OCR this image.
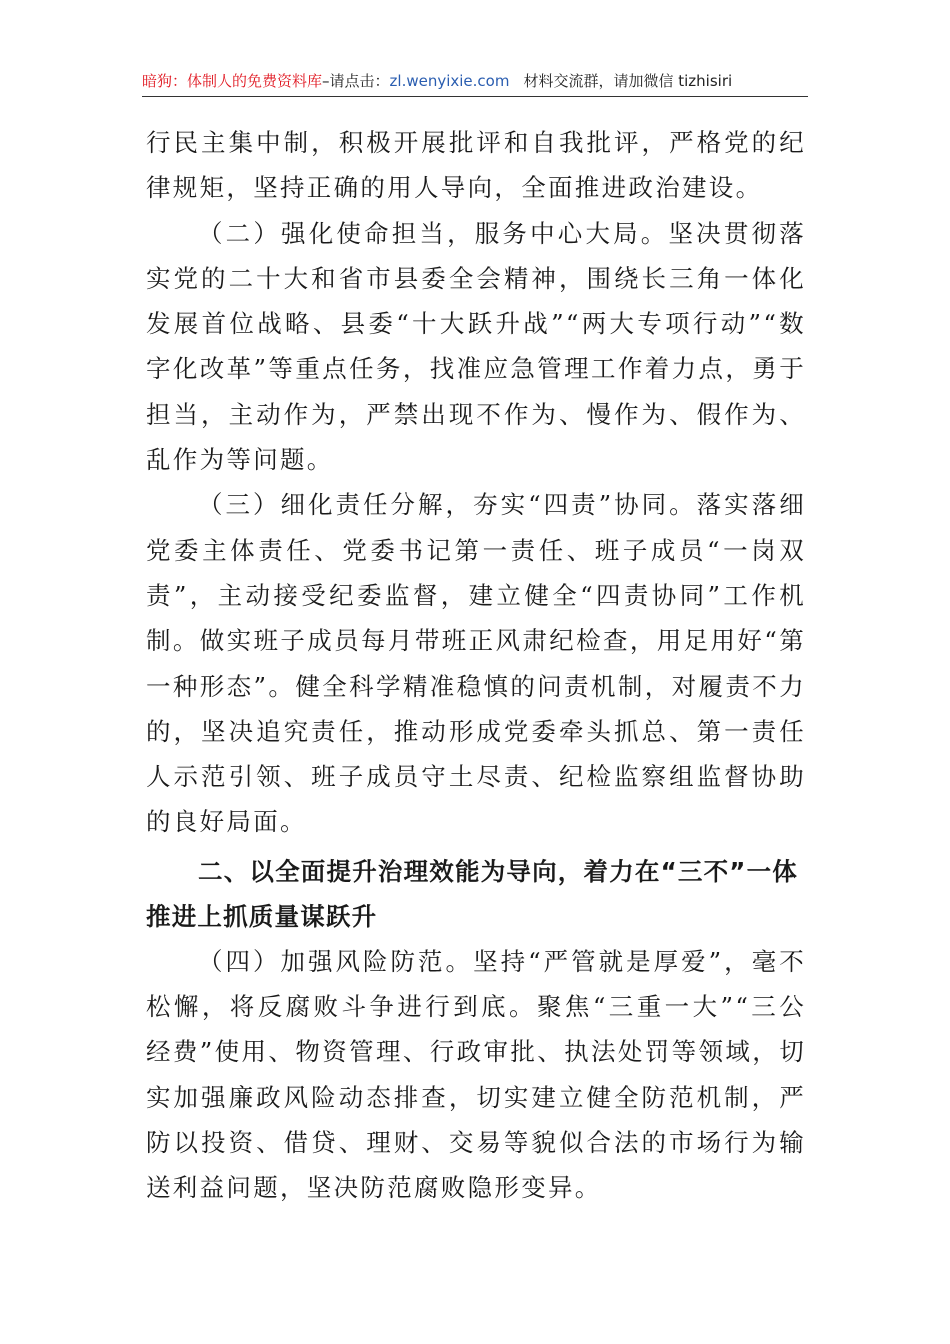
暗狗：体制人的免费资料库–请点击：zl.wenyixie.com 材料交流群，请加微信 tizhisiri

行民主集中制，积极开展批评和自我批评，严格党的纪律规矩，坚持正确的用人导向，全面推进政治建设。

（二）强化使命担当，服务中心大局。坚决贯彻落实党的二十大和省市县委全会精神，围绕长三角一体化发展首位战略、县委“十大跃升战”“两大专项行动”“数字化改革”等重点任务，找准应急管理工作着力点，勇于担当，主动作为，严禁出现不作为、慢作为、假作为、乱作为等问题。

（三）细化责任分解，夯实“四责”协同。落实落细党委主体责任、党委书记第一责任、班子成员“一岗双责”，主动接受纪委监督，建立健全“四责协同”工作机制。做实班子成员每月带班正风肃纪检查，用足用好“第一种形态”。健全科学精准稳慎的问责机制，对履责不力的，坚决追究责任，推动形成党委牵头抓总、第一责任人示范引领、班子成员守土尽责、纪检监察组监督协助的良好局面。

二、以全面提升治理效能为导向，着力在“三不”一体推进上抓质量谋跃升

（四）加强风险防范。坚持“严管就是厚爱”，毫不松懈，将反腐败斗争进行到底。聚焦“三重一大”“三公经费”使用、物资管理、行政审批、执法处罚等领域，切实加强廉政风险动态排查，切实建立健全防范机制，严防以投资、借贷、理财、交易等貌似合法的市场行为输送利益问题，坚决防范腐败隐形变异。
